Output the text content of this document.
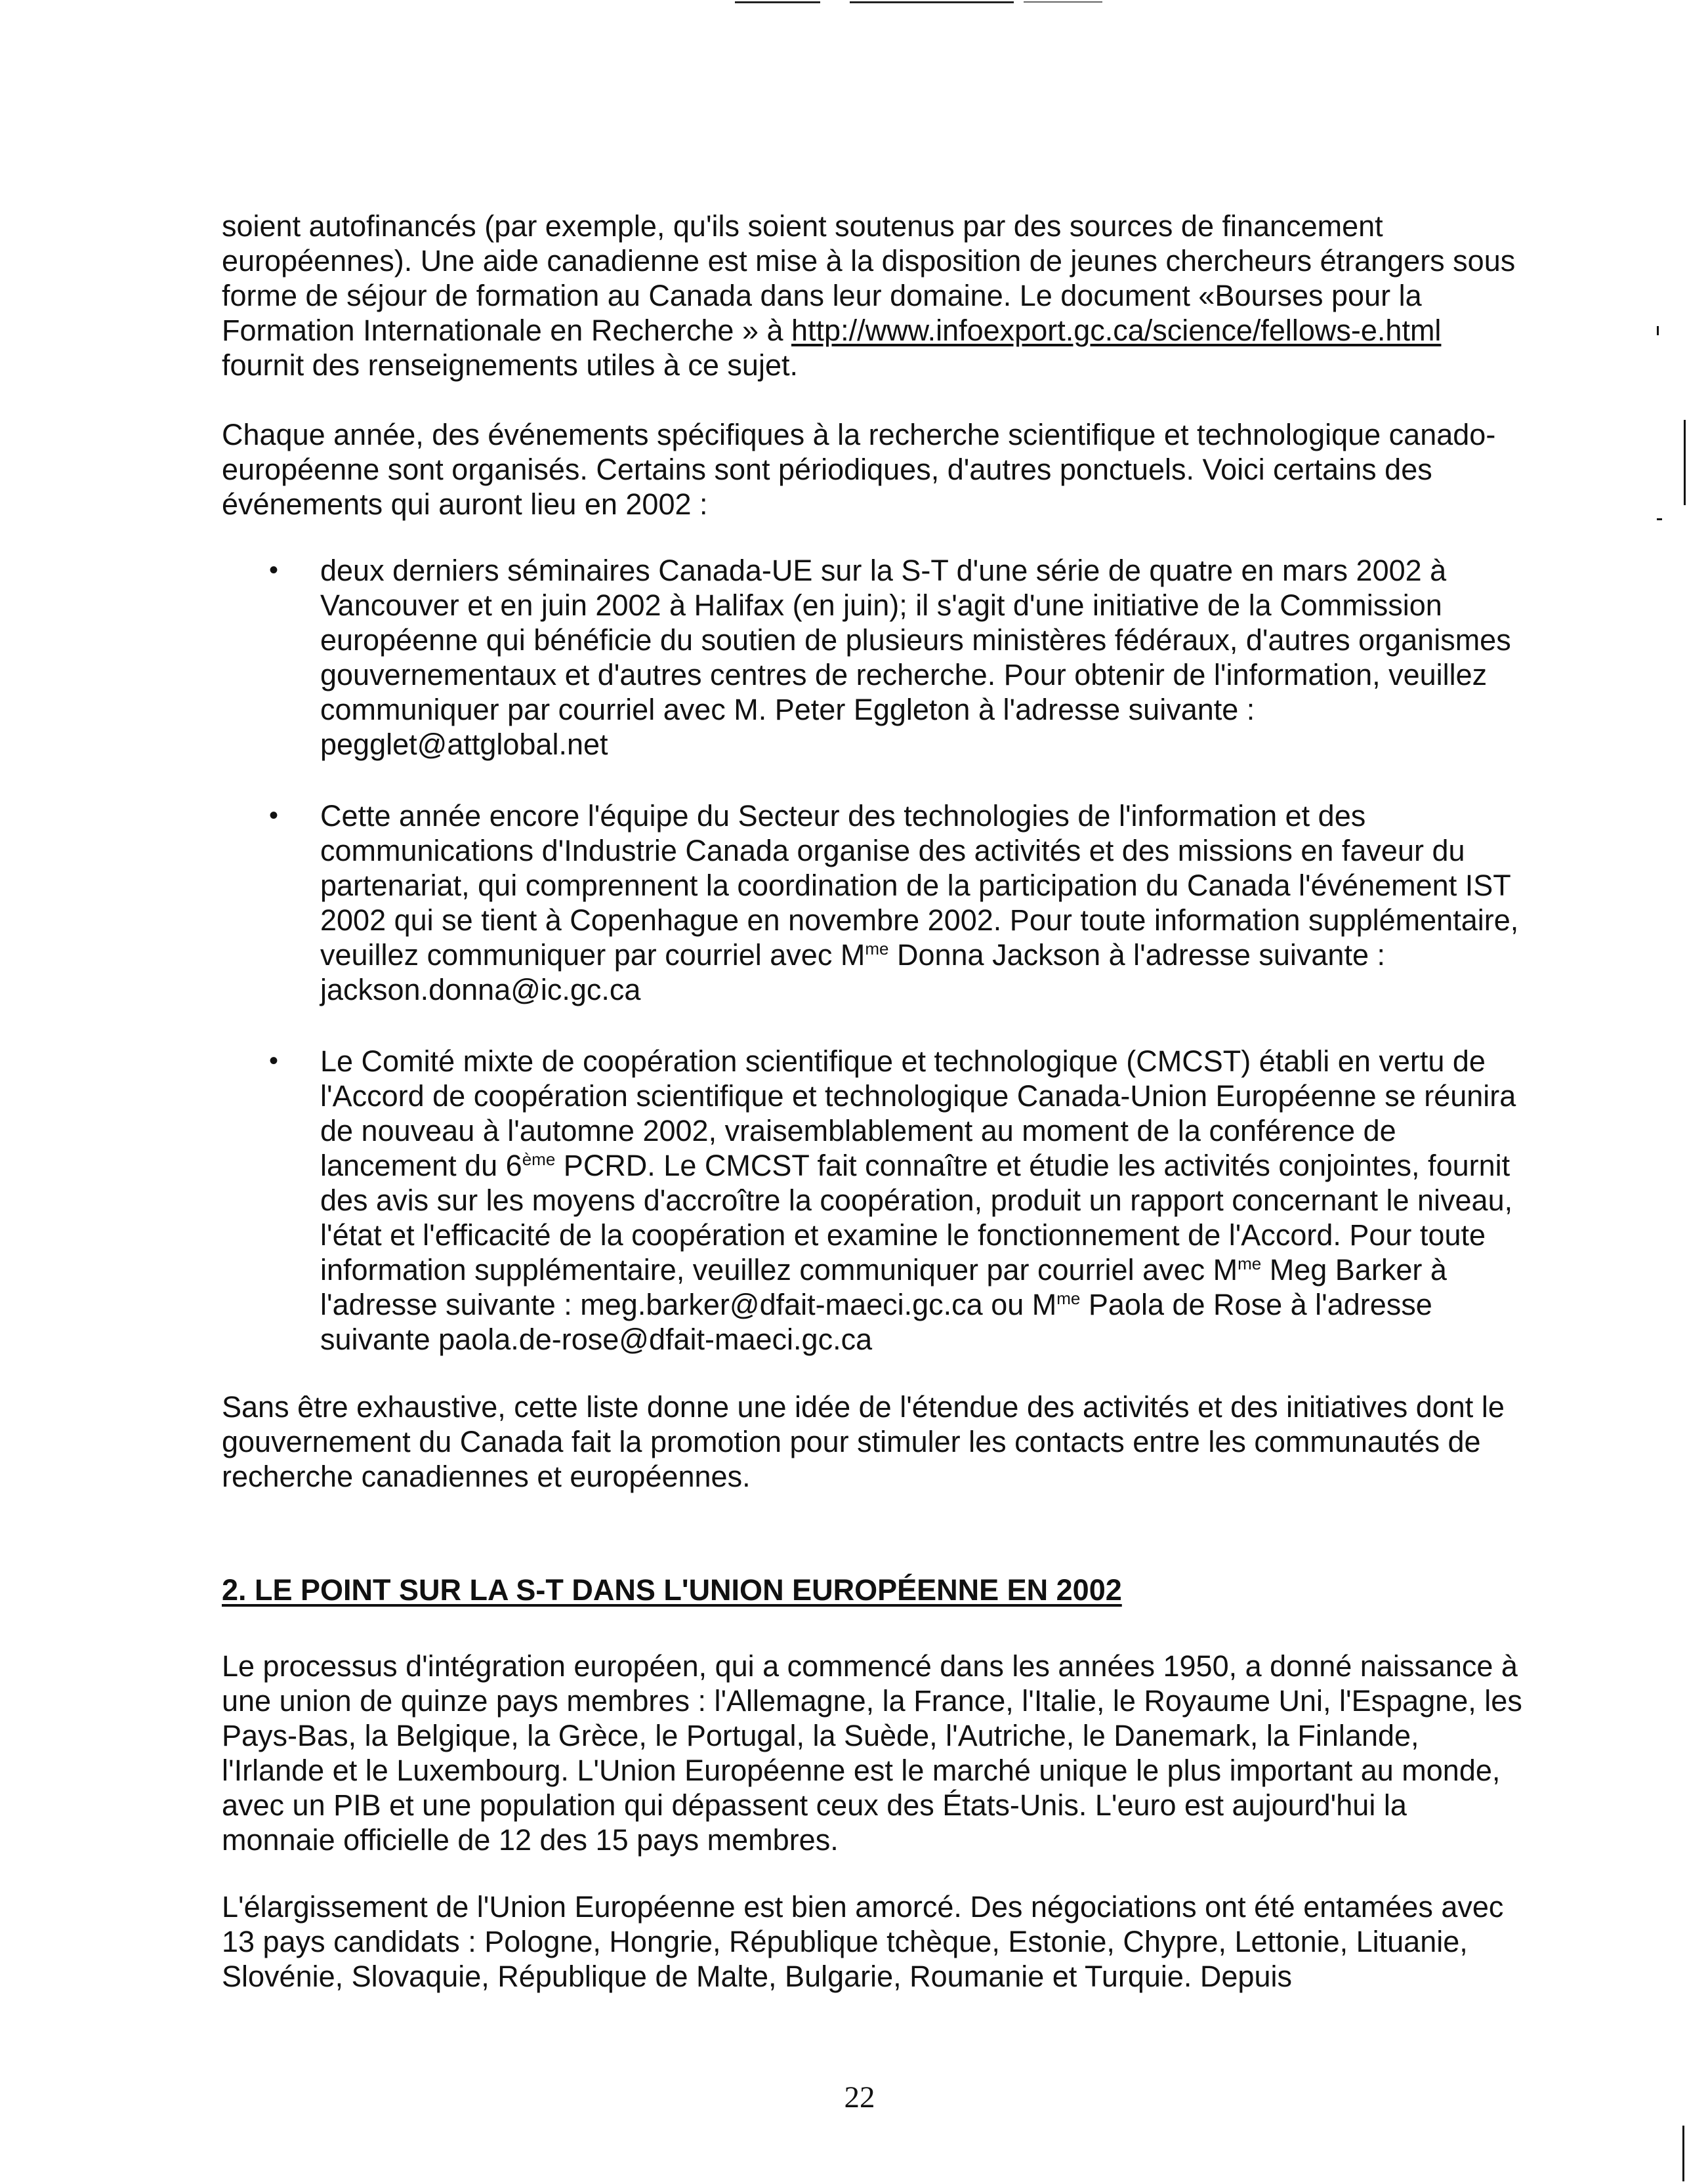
soient autofinancés (par exemple, qu'ils soient soutenus par des sources de financement européennes). Une aide canadienne est mise à la disposition de jeunes chercheurs étrangers sous forme de séjour de formation au Canada dans leur domaine. Le document «Bourses pour la Formation Internationale en Recherche » à http://www.infoexport.gc.ca/science/fellows-e.html fournit des renseignements utiles à ce sujet.

Chaque année, des événements spécifiques à la recherche scientifique et technologique canado-européenne sont organisés. Certains sont périodiques, d'autres ponctuels. Voici certains des événements qui auront lieu en 2002 :

• deux derniers séminaires Canada-UE sur la S-T d'une série de quatre en mars 2002 à Vancouver et en juin 2002 à Halifax (en juin); il s'agit d'une initiative de la Commission européenne qui bénéficie du soutien de plusieurs ministères fédéraux, d'autres organismes gouvernementaux et d'autres centres de recherche. Pour obtenir de l'information, veuillez communiquer par courriel avec M. Peter Eggleton à l'adresse suivante : pegglet@attglobal.net
• Cette année encore l'équipe du Secteur des technologies de l'information et des communications d'Industrie Canada organise des activités et des missions en faveur du partenariat, qui comprennent la coordination de la participation du Canada l'événement IST 2002 qui se tient à Copenhague en novembre 2002. Pour toute information supplémentaire, veuillez communiquer par courriel avec $M^{me}$ Donna Jackson à l'adresse suivante : jackson.donna@ic.gc.ca
• Le Comité mixte de coopération scientifique et technologique (CMCST) établi en vertu de l'Accord de coopération scientifique et technologique Canada-Union Européenne se réunira de nouveau à l'automne 2002, vraisemblablement au moment de la conférence de lancement du 6ème PCRD. Le CMCST fait connaître et étudie les activités conjointes, fournit des avis sur les moyens d'accroître la coopération, produit un rapport concernant le niveau, l'état et l'efficacité de la coopération et examine le fonctionnement de l'Accord. Pour toute information supplémentaire, veuillez communiquer par courriel avec $M^{me}$ Meg Barker à l'adresse suivante : meg.barker@dfait-maeci.gc.ca ou $M^{me}$ Paola de Rose à l'adresse suivante paola.de-rose@dfait-maeci.gc.ca

Sans être exhaustive, cette liste donne une idée de l'étendue des activités et des initiatives dont le gouvernement du Canada fait la promotion pour stimuler les contacts entre les communautés de recherche canadiennes et européennes.

2. LE POINT SUR LA S-T DANS L'UNION EUROPÉENNE EN 2002

Le processus d'intégration européen, qui a commencé dans les années 1950, a donné naissance à une union de quinze pays membres : l'Allemagne, la France, l'Italie, le Royaume Uni, l'Espagne, les Pays-Bas, la Belgique, la Grèce, le Portugal, la Suède, l'Autriche, le Danemark, la Finlande, l'Irlande et le Luxembourg. L'Union Européenne est le marché unique le plus important au monde, avec un PIB et une population qui dépassent ceux des États-Unis. L'euro est aujourd'hui la monnaie officielle de 12 des 15 pays membres.

L'élargissement de l'Union Européenne est bien amorcé. Des négociations ont été entamées avec 13 pays candidats : Pologne, Hongrie, République tchèque, Estonie, Chypre, Lettonie, Lituanie, Slovénie, Slovaquie, République de Malte, Bulgarie, Roumanie et Turquie. Depuis

22
